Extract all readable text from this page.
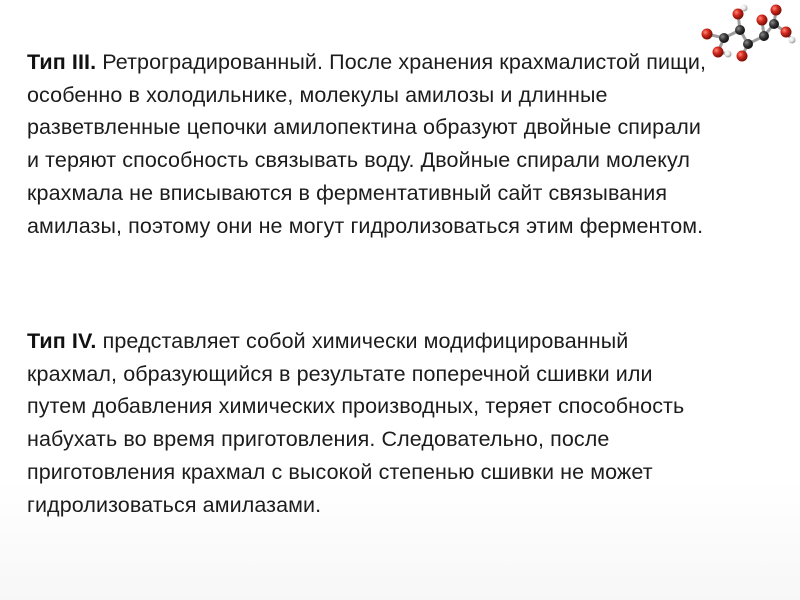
Тип III. Ретроградированный. После хранения крахмалистой пищи, особенно в холодильнике, молекулы амилозы и длинные разветвленные цепочки амилопектина образуют двойные спирали и теряют способность связывать воду. Двойные спирали молекул крахмала не вписываются в ферментативный сайт связывания амилазы, поэтому они не могут гидролизоваться этим ферментом.
Тип IV. представляет собой химически модифицированный крахмал, образующийся в результате поперечной сшивки или путем добавления химических производных, теряет способность набухать во время приготовления. Следовательно, после приготовления крахмал с высокой степенью сшивки не может гидролизоваться амилазами.
